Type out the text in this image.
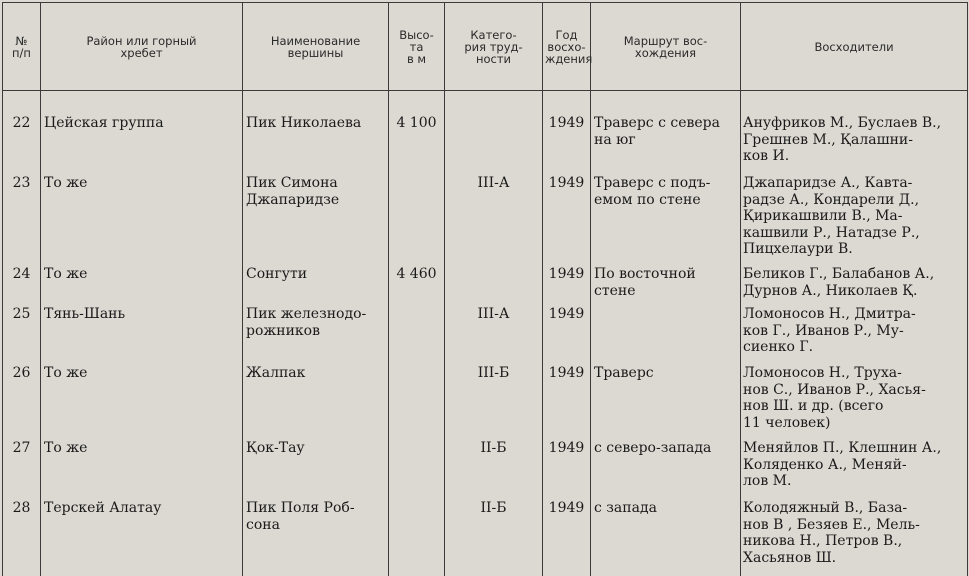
№
п/п	Район или горный
хребет	Наименование
вершины	Высо-
та
в м	Катего-
рия труд-
ности	Год
восхо-
ждения	Маршрут вос-
хождения	Восходители

22	Цейская группа	Пик Николаева	4 100		1949	Траверс с севера
на юг	Ануфриков М., Буслаев В.,
Грешнев М., Қалашни-
ков И.
23	То же	Пик Симона
Джапаридзе		III-А	1949	Траверс с подъ-
емом по стене	Джапаридзе А., Кавта-
радзе А., Кондарели Д.,
Қирикашвили В., Ма-
кашвили Р., Натадзе Р.,
Пицхелаури В.
24	То же	Сонгути	4 460		1949	По восточной
стене	Беликов Г., Балабанов А.,
Дурнов А., Николаев Қ.
25	Тянь-Шань	Пик железнодо-
рожников		III-А	1949		Ломоносов Н., Дмитра-
ков Г., Иванов Р., Му-
сиенко Г.
26	То же	Жалпак		III-Б	1949	Траверс	Ломоносов Н., Труха-
нов С., Иванов Р., Хасья-
нов Ш. и др. (всего
11 человек)
27	То же	Қок-Тау		II-Б	1949	с северо-запада	Меняйлов П., Клешнин А.,
Коляденко А., Меняй-
лов М.
28	Терскей Алатау	Пик Поля Роб-
сона		II-Б	1949	с запада	Колодяжный В., База-
нов В , Безяев Е., Мель-
никова Н., Петров В.,
Хасьянов Ш.
